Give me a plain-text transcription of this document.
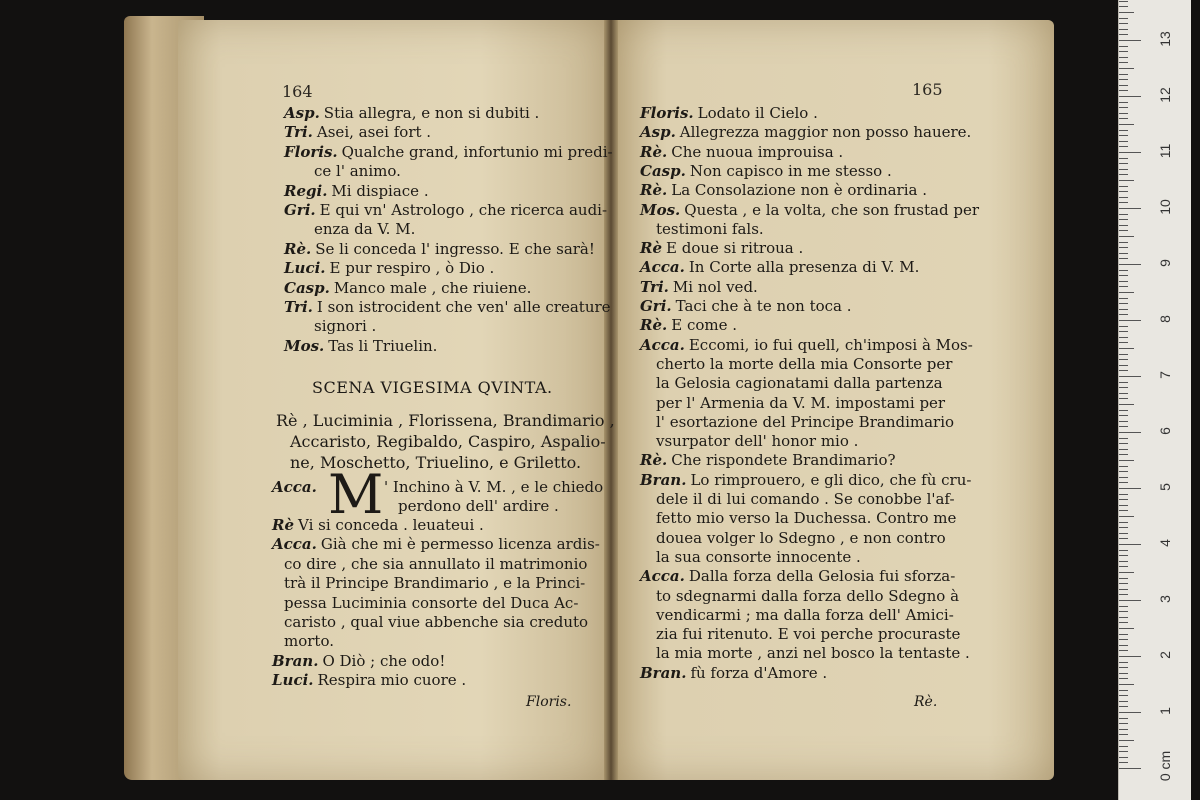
164
Asp. Stia allegra, e non si dubiti .
Tri. Asei, asei fort .
Floris. Qualche grand, infortunio mi predi-
ce l' animo.
Regi. Mi dispiace .
Gri. E qui vn' Astrologo , che ricerca audi-
enza da V. M.
Rè. Se li conceda l' ingresso. E che sarà!
Luci. E pur respiro , ò Dio .
Casp. Manco male , che riuiene.
Tri. I son istrocident che ven' alle creature
signori .
Mos. Tas li Triuelin.
SCENA VIGESIMA QVINTA.
Rè , Luciminia , Florissena, Brandimario ,
Accaristo, Regibaldo, Caspiro, Aspalio-
ne, Moschetto, Triuelino, e Griletto.
Acca. M ' Inchino à V. M. , e le chiedo
perdono dell' ardire .
Rè Vi si conceda . leuateui .
Acca. Già che mi è permesso licenza ardis-
co dire , che sia annullato il matrimonio
trà il Principe Brandimario , e la Princi-
pessa Luciminia consorte del Duca Ac-
caristo , qual viue abbenche sia creduto
morto.
Bran. O Diò ; che odo!
Luci. Respira mio cuore .
Floris.
165
Floris. Lodato il Cielo .
Asp. Allegrezza maggior non posso hauere.
Rè. Che nuoua improuisa .
Casp. Non capisco in me stesso .
Rè. La Consolazione non è ordinaria .
Mos. Questa , e la volta, che son frustad per
testimoni fals.
Rè E doue si ritroua .
Acca. In Corte alla presenza di V. M.
Tri. Mi nol ved.
Gri. Taci che à te non toca .
Rè. E come .
Acca. Eccomi, io fui quell, ch'imposi à Mos-
cherto la morte della mia Consorte per
la Gelosia cagionatami dalla partenza
per l' Armenia da V. M. impostami per
l' esortazione del Principe Brandimario
vsurpator dell' honor mio .
Rè. Che rispondete Brandimario?
Bran. Lo rimprouero, e gli dico, che fù cru-
dele il di lui comando . Se conobbe l'af-
fetto mio verso la Duchessa. Contro me
douea volger lo Sdegno , e non contro
la sua consorte innocente .
Acca. Dalla forza della Gelosia fui sforza-
to sdegnarmi dalla forza dello Sdegno à
vendicarmi ; ma dalla forza dell' Amici-
zia fui ritenuto. E voi perche procuraste
la mia morte , anzi nel bosco la tentaste .
Bran. fù forza d'Amore .
Rè.
0 cm
1
2
3
4
5
6
7
8
9
10
11
12
13
